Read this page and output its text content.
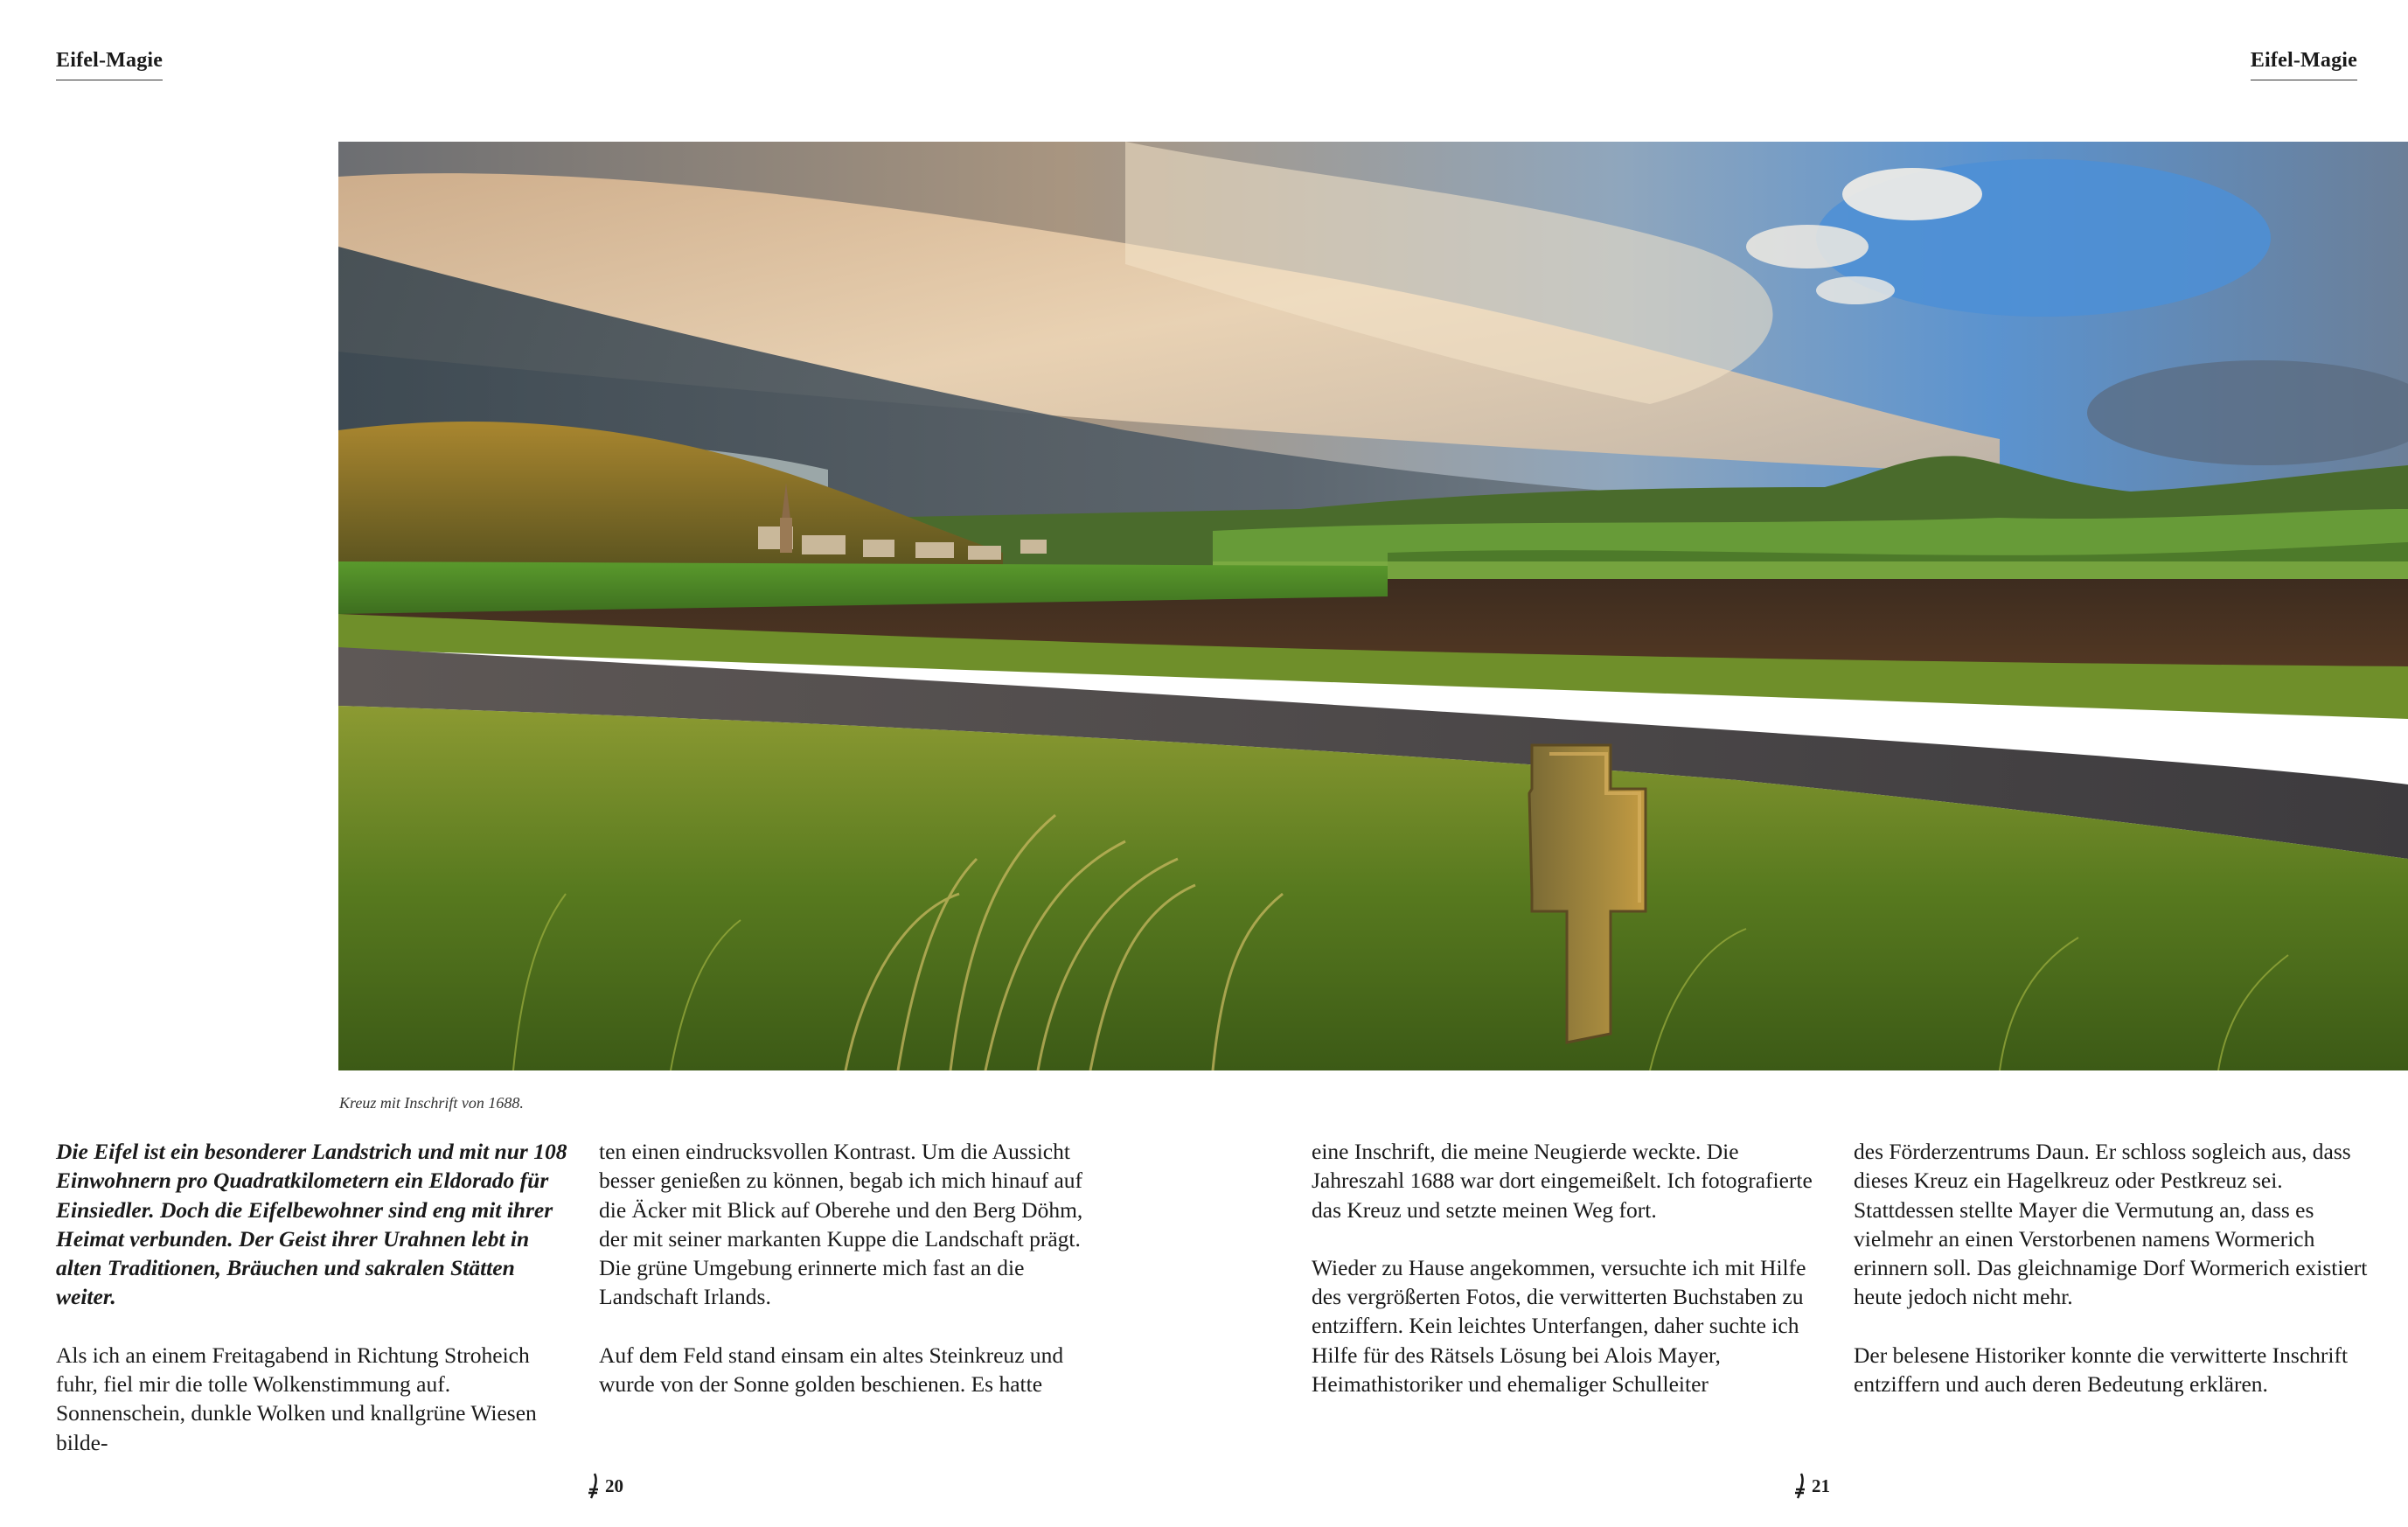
Eifel-Magie	Eifel-Magie
Kreuz mit Inschrift von 1688.

Die Eifel ist ein besonderer Landstrich und mit nur 108 Einwohnern pro Quadratkilometern ein Eldorado für Einsiedler. Doch die Eifelbewohner sind eng mit ihrer Heimat verbunden. Der Geist ihrer Urahnen lebt in alten Traditionen, Bräuchen und sakralen Stätten weiter.

Als ich an einem Freitagabend in Richtung Stroheich fuhr, fiel mir die tolle Wolkenstimmung auf. Sonnenschein, dunkle Wolken und knallgrüne Wiesen bilde-

ten einen eindrucksvollen Kontrast. Um die Aussicht besser genießen zu können, begab ich mich hinauf auf die Äcker mit Blick auf Oberehe und den Berg Döhm, der mit seiner markanten Kuppe die Landschaft prägt. Die grüne Umgebung erinnerte mich fast an die Landschaft Irlands.

Auf dem Feld stand einsam ein altes Steinkreuz und wurde von der Sonne golden beschienen. Es hatte

eine Inschrift, die meine Neugierde weckte. Die Jahreszahl 1688 war dort eingemeißelt. Ich fotografierte das Kreuz und setzte meinen Weg fort.

Wieder zu Hause angekommen, versuchte ich mit Hilfe des vergrößerten Fotos, die verwitterten Buchstaben zu entziffern. Kein leichtes Unterfangen, daher suchte ich Hilfe für des Rätsels Lösung bei Alois Mayer, Heimathistoriker und ehemaliger Schulleiter

des Förderzentrums Daun. Er schloss sogleich aus, dass dieses Kreuz ein Hagelkreuz oder Pestkreuz sei. Stattdessen stellte Mayer die Vermutung an, dass es vielmehr an einen Verstorbenen namens Wormerich erinnern soll. Das gleichnamige Dorf Wormerich existiert heute jedoch nicht mehr.

Der belesene Historiker konnte die verwitterte Inschrift entziffern und auch deren Bedeutung erklären.

20	21
